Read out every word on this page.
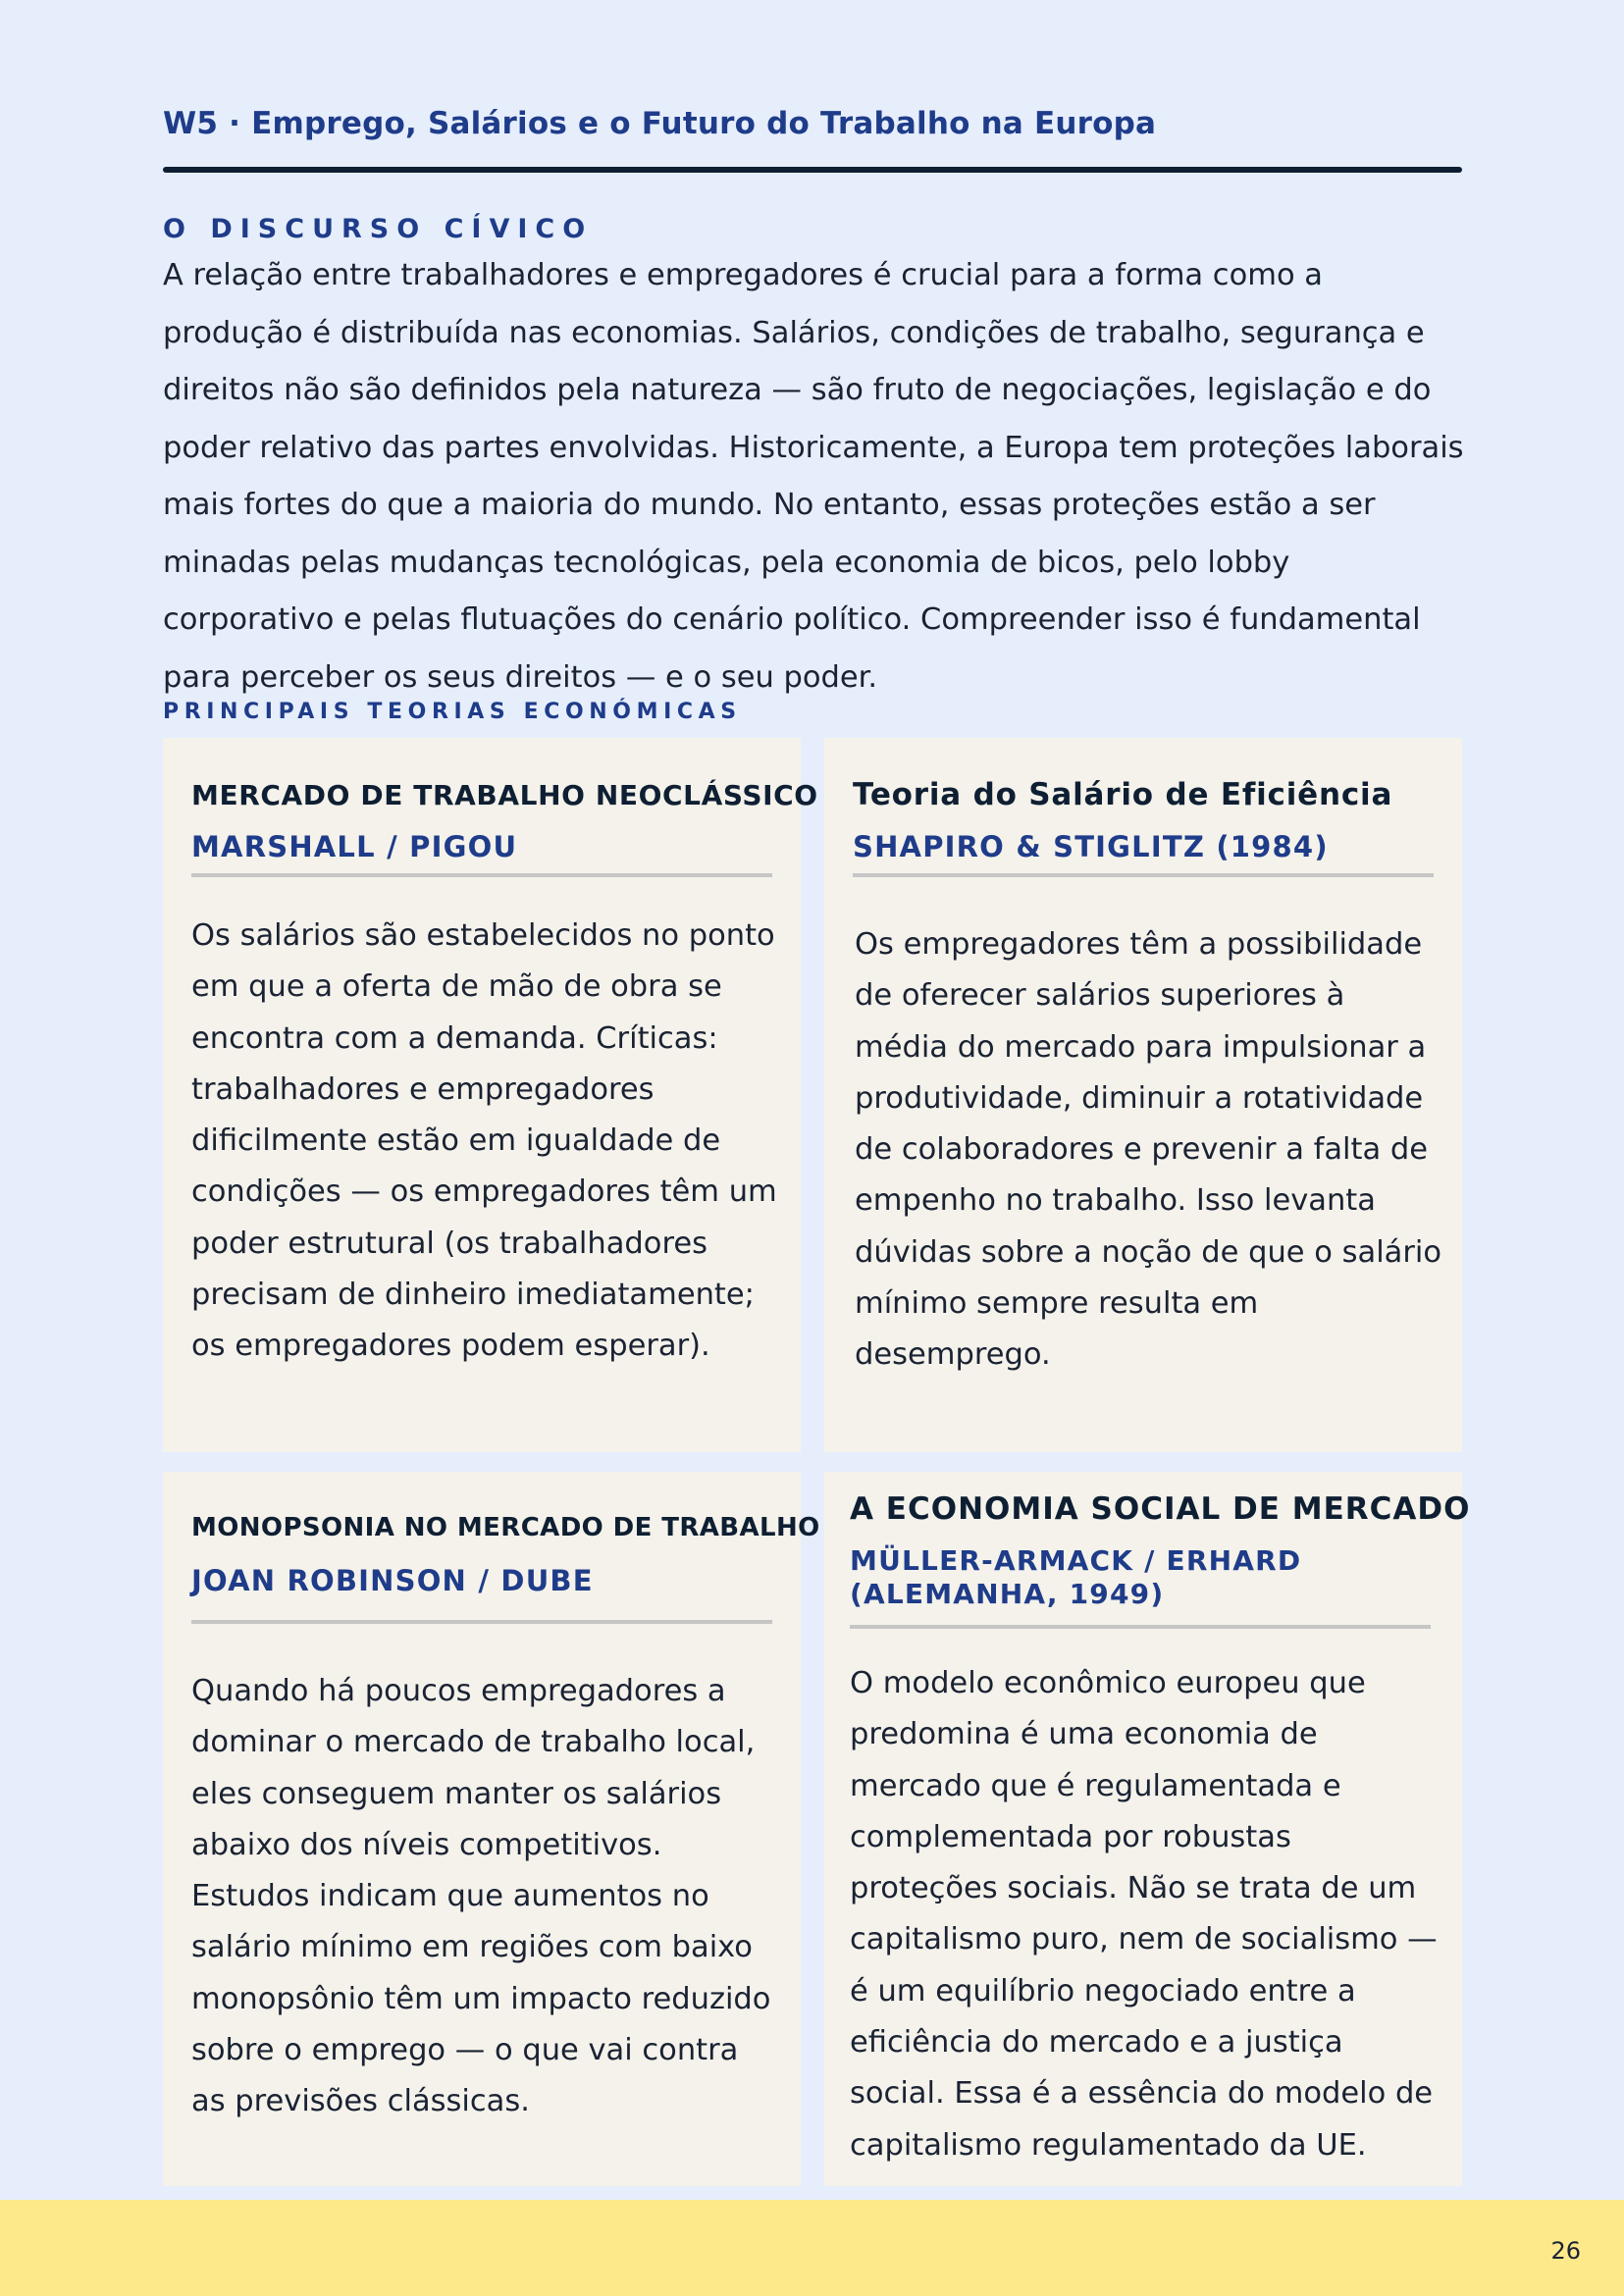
W5 · Emprego, Salários e o Futuro do Trabalho na Europa
O DISCURSO CÍVICO

A relação entre trabalhadores e empregadores é crucial para a forma como a produção é distribuída nas economias. Salários, condições de trabalho, segurança e direitos não são definidos pela natureza — são fruto de negociações, legislação e do poder relativo das partes envolvidas. Historicamente, a Europa tem proteções laborais mais fortes do que a maioria do mundo. No entanto, essas proteções estão a ser minadas pelas mudanças tecnológicas, pela economia de bicos, pelo lobby corporativo e pelas flutuações do cenário político. Compreender isso é fundamental para perceber os seus direitos — e o seu poder.

PRINCIPAIS TEORIAS ECONÓMICAS
MERCADO DE TRABALHO NEOCLÁSSICO
MARSHALL / PIGOU

Os salários são estabelecidos no ponto em que a oferta de mão de obra se encontra com a demanda. Críticas: trabalhadores e empregadores dificilmente estão em igualdade de condições — os empregadores têm um poder estrutural (os trabalhadores precisam de dinheiro imediatamente; os empregadores podem esperar).

Teoria do Salário de Eficiência
SHAPIRO & STIGLITZ (1984)

Os empregadores têm a possibilidade de oferecer salários superiores à média do mercado para impulsionar a produtividade, diminuir a rotatividade de colaboradores e prevenir a falta de empenho no trabalho. Isso levanta dúvidas sobre a noção de que o salário mínimo sempre resulta em desemprego.

MONOPSONIA NO MERCADO DE TRABALHO
JOAN ROBINSON / DUBE

Quando há poucos empregadores a dominar o mercado de trabalho local, eles conseguem manter os salários abaixo dos níveis competitivos. Estudos indicam que aumentos no salário mínimo em regiões com baixo monopsônio têm um impacto reduzido sobre o emprego — o que vai contra as previsões clássicas.

A ECONOMIA SOCIAL DE MERCADO
MÜLLER-ARMACK / ERHARD (ALEMANHA, 1949)

O modelo econômico europeu que predomina é uma economia de mercado que é regulamentada e complementada por robustas proteções sociais. Não se trata de um capitalismo puro, nem de socialismo — é um equilíbrio negociado entre a eficiência do mercado e a justiça social. Essa é a essência do modelo de capitalismo regulamentado da UE.

26
